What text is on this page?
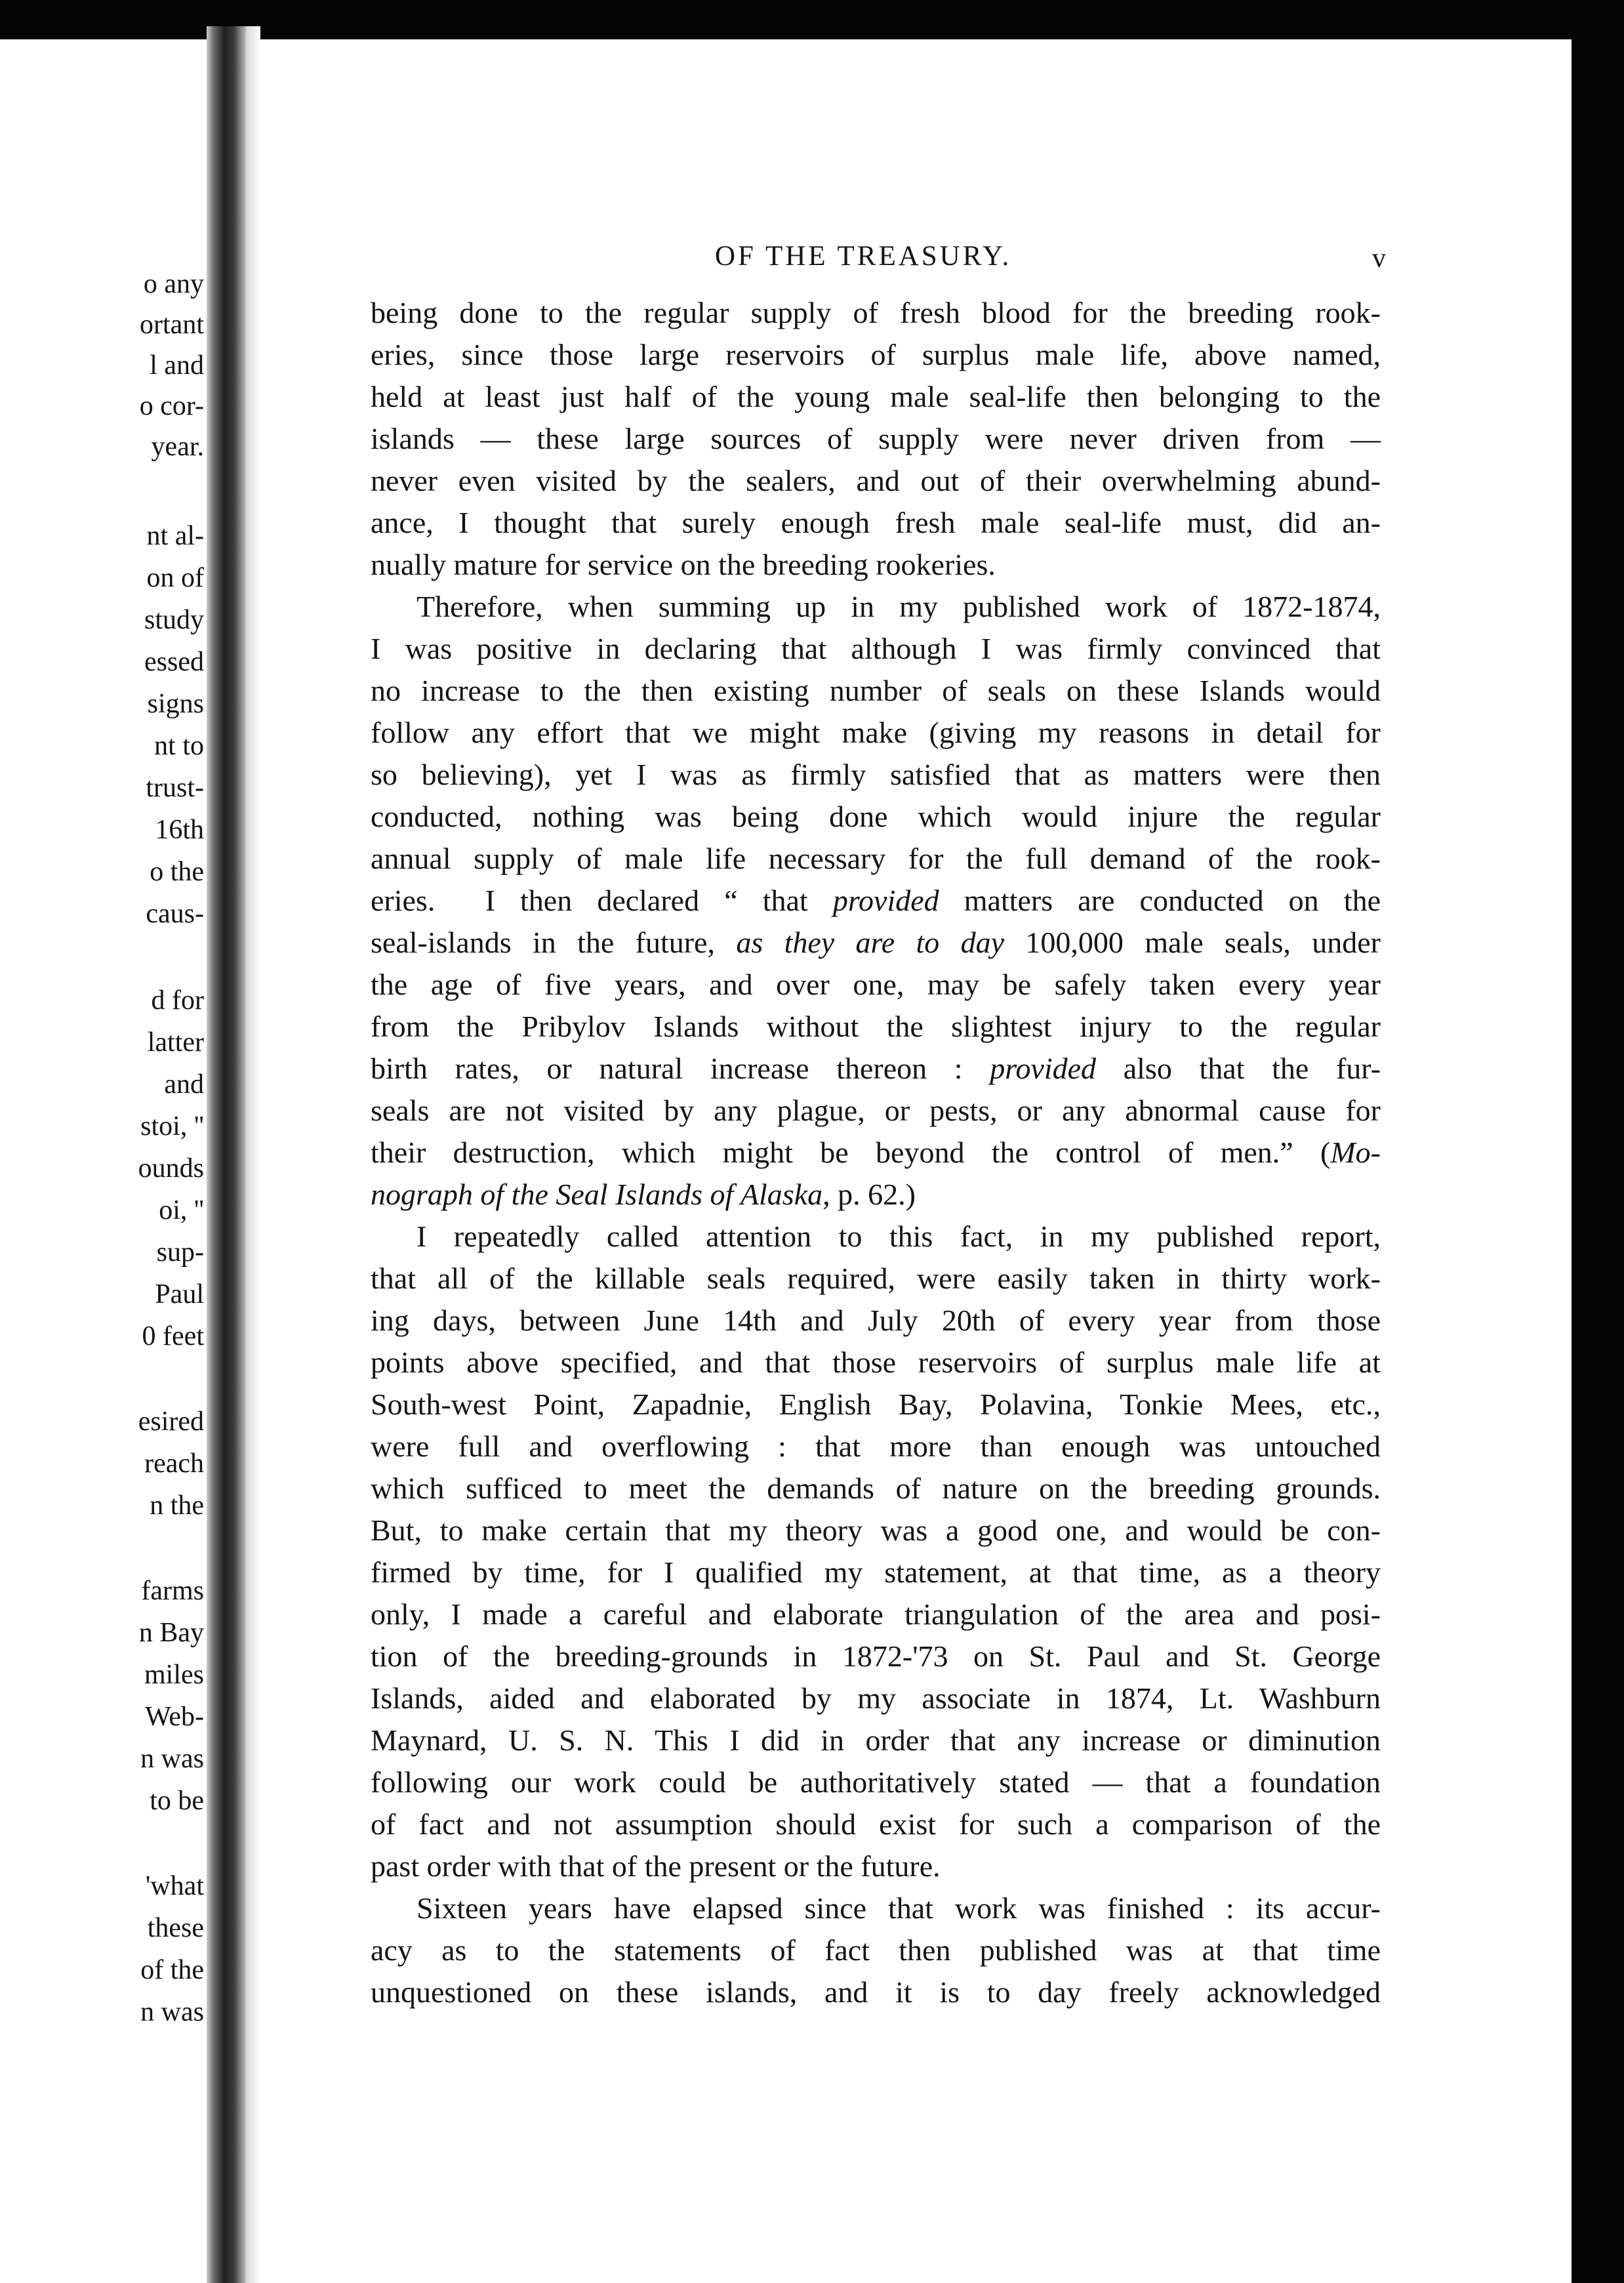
o any
ortant
l and
o cor-
year.
nt al-
on of
study
essed
signs
nt to
trust-
16th
o the
caus-
d for
latter
and
stoi, ''
ounds
oi, ''
sup-
Paul
0 feet
esired
reach
n the
farms
n Bay
miles
Web-
n was
to be
'what
these
of the
n was
OF THE TREASURY.	v
being done to the regular supply of fresh blood for the breeding rook-
eries, since those large reservoirs of surplus male life, above named,
held at least just half of the young male seal-life then belonging to the
islands — these large sources of supply were never driven from —
never even visited by the sealers, and out of their overwhelming abund-
ance, I thought that surely enough fresh male seal-life must, did an-
nually mature for service on the breeding rookeries.
Therefore, when summing up in my published work of 1872-1874,
I was positive in declaring that although I was firmly convinced that
no increase to the then existing number of seals on these Islands would
follow any effort that we might make (giving my reasons in detail for
so believing), yet I was as firmly satisfied that as matters were then
conducted, nothing was being done which would injure the regular
annual supply of male life necessary for the full demand of the rook-
eries.  I then declared “ that provided matters are conducted on the
seal-islands in the future, as they are to day 100,000 male seals, under
the age of five years, and over one, may be safely taken every year
from the Pribylov Islands without the slightest injury to the regular
birth rates, or natural increase thereon : provided also that the fur-
seals are not visited by any plague, or pests, or any abnormal cause for
their destruction, which might be beyond the control of men.” (Mo-
nograph of the Seal Islands of Alaska, p. 62.)
I repeatedly called attention to this fact, in my published report,
that all of the killable seals required, were easily taken in thirty work-
ing days, between June 14th and July 20th of every year from those
points above specified, and that those reservoirs of surplus male life at
South-west Point, Zapadnie, English Bay, Polavina, Tonkie Mees, etc.,
were full and overflowing : that more than enough was untouched
which sufficed to meet the demands of nature on the breeding grounds.
But, to make certain that my theory was a good one, and would be con-
firmed by time, for I qualified my statement, at that time, as a theory
only, I made a careful and elaborate triangulation of the area and posi-
tion of the breeding-grounds in 1872-'73 on St. Paul and St. George
Islands, aided and elaborated by my associate in 1874, Lt. Washburn
Maynard, U. S. N. This I did in order that any increase or diminution
following our work could be authoritatively stated — that a foundation
of fact and not assumption should exist for such a comparison of the
past order with that of the present or the future.
Sixteen years have elapsed since that work was finished : its accur-
acy as to the statements of fact then published was at that time
unquestioned on these islands, and it is to day freely acknowledged
